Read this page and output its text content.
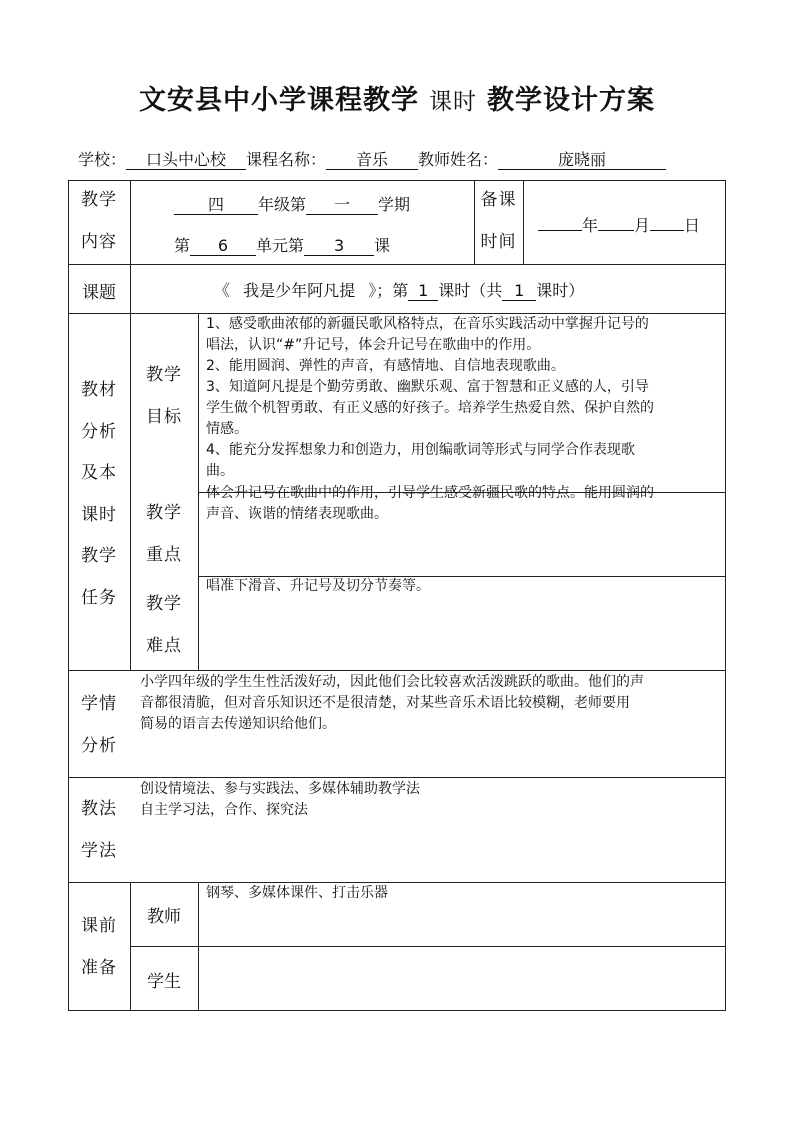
文安县中小学课程教学 课时 教学设计方案
学校： 口头中心校 课程名称： 音乐 教师姓名：	庞晓丽
教学
内容
四 年级第 一 学期
第 6 单元第 3 课
备课
时间
年 月 日
课题	《 我是少年阿凡提 》；第 1 课时（共 1 课时）
教材
分析
及本
课时
教学
任务
教学
目标
1、感受歌曲浓郁的新疆民歌风格特点，在音乐实践活动中掌握升记号的
唱法，认识“#”升记号，体会升记号在歌曲中的作用。
2、能用圆润、弹性的声音，有感情地、自信地表现歌曲。
3、知道阿凡提是个勤劳勇敢、幽默乐观、富于智慧和正义感的人，引导
学生做个机智勇敢、有正义感的好孩子。培养学生热爱自然、保护自然的
情感。
4、能充分发挥想象力和创造力，用创编歌词等形式与同学合作表现歌
曲。
教学
重点
体会升记号在歌曲中的作用，引导学生感受新疆民歌的特点。能用圆润的
声音、诙谐的情绪表现歌曲。
教学
难点
唱准下滑音、升记号及切分节奏等。
学情
分析
小学四年级的学生生性活泼好动，因此他们会比较喜欢活泼跳跃的歌曲。他们的声
音都很清脆，但对音乐知识还不是很清楚，对某些音乐术语比较模糊，老师要用
简易的语言去传递知识给他们。
教法
学法
创设情境法、参与实践法、多媒体辅助教学法
自主学习法，合作、探究法
课前
准备
教师
钢琴、多媒体课件、打击乐器
学生
